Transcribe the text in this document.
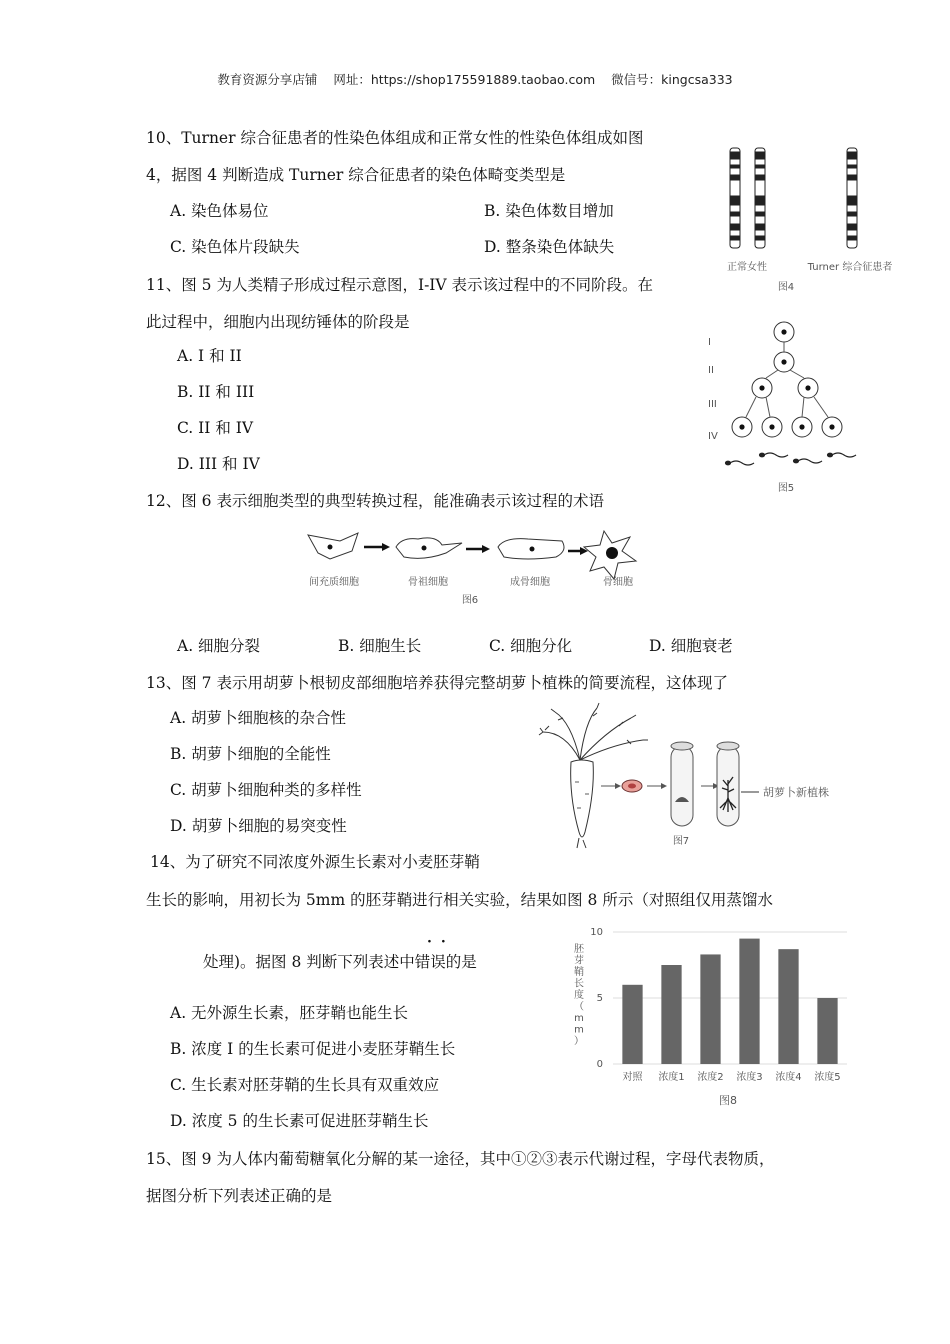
教育资源分享店铺 网址：https://shop175591889.taobao.com 微信号：kingcsa333
10、Turner 综合征患者的性染色体组成和正常女性的性染色体组成如图
4，据图 4 判断造成 Turner 综合征患者的染色体畸变类型是
A. 染色体易位	B. 染色体数目增加
C. 染色体片段缺失	D. 整条染色体缺失
正常女性	Turner 综合征患者
图4
11、图 5 为人类精子形成过程示意图，I-IV 表示该过程中的不同阶段。在
此过程中，细胞内出现纺锤体的阶段是
A. I 和 II
B. II 和 III
C. II 和 IV
D. III 和 IV
I
II
III
IV
图5
12、图 6 表示细胞类型的典型转换过程，能准确表示该过程的术语
间充质细胞	骨祖细胞	成骨细胞	骨细胞
图6
A. 细胞分裂	B. 细胞生长	C. 细胞分化	D. 细胞衰老
13、图 7 表示用胡萝卜根韧皮部细胞培养获得完整胡萝卜植株的简要流程，这体现了
A. 胡萝卜细胞核的杂合性
B. 胡萝卜细胞的全能性
C. 胡萝卜细胞种类的多样性
D. 胡萝卜细胞的易突变性
胡萝卜新植株
图7
14、为了研究不同浓度外源生长素对小麦胚芽鞘
生长的影响，用初长为 5mm 的胚芽鞘进行相关实验，结果如图 8 所示（对照组仅用蒸馏水
··
处理)。据图 8 判断下列表述中错误的是
A. 无外源生长素，胚芽鞘也能生长
B. 浓度 I 的生长素可促进小麦胚芽鞘生长
C. 生长素对胚芽鞘的生长具有双重效应
D. 浓度 5 的生长素可促进胚芽鞘生长
0
5
10
对照 浓度1 浓度2 浓度3 浓度4 浓度5
胚芽鞘长度（ m m ）
图8
15、图 9 为人体内葡萄糖氧化分解的某一途径，其中①②③表示代谢过程，字母代表物质，
据图分析下列表述正确的是
